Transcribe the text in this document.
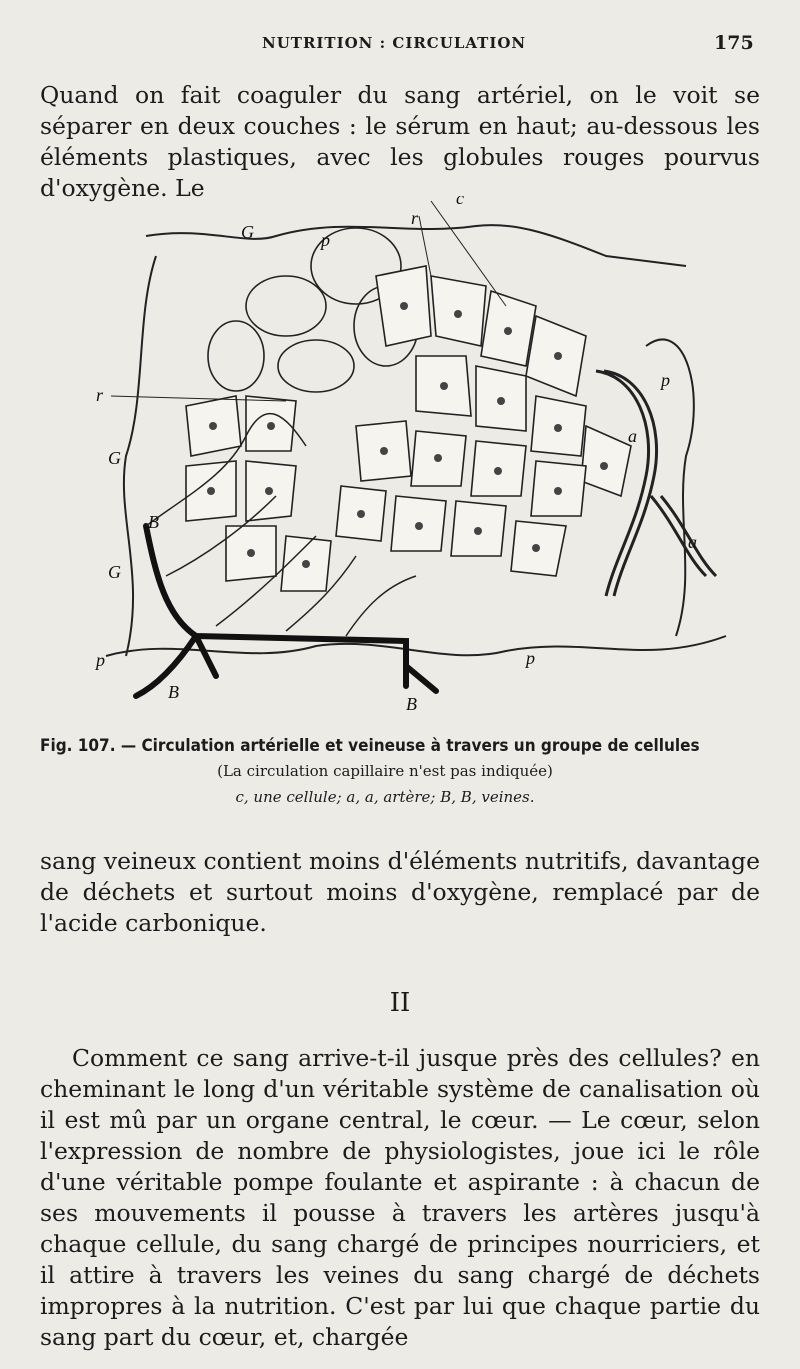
NUTRITION : CIRCULATION	175

Quand on fait coaguler du sang artériel, on le voit se séparer en deux couches : le sérum en haut; au-dessous les éléments plastiques, avec les globules rouges pourvus d'oxygène. Le	c
r
r
G
G
G
p
p
p	p
a
a
B
B
B
Fig. 107. — Circulation artérielle et veineuse à travers un groupe de cellules
(La circulation capillaire n'est pas indiquée)
c, une cellule; a, a, artère; B, B, veines.

sang veineux contient moins d'éléments nutritifs, davantage de déchets et surtout moins d'oxygène, remplacé par de l'acide carbonique.

II

Comment ce sang arrive-t-il jusque près des cellules? en cheminant le long d'un véritable système de canalisation où il est mû par un organe central, le cœur. — Le cœur, selon l'expression de nombre de physiologistes, joue ici le rôle d'une véritable pompe foulante et aspirante : à chacun de ses mouvements il pousse à travers les artères jusqu'à chaque cellule, du sang chargé de principes nourriciers, et il attire à travers les veines du sang chargé de déchets impropres à la nutrition. C'est par lui que chaque partie du sang part du cœur, et, chargée
